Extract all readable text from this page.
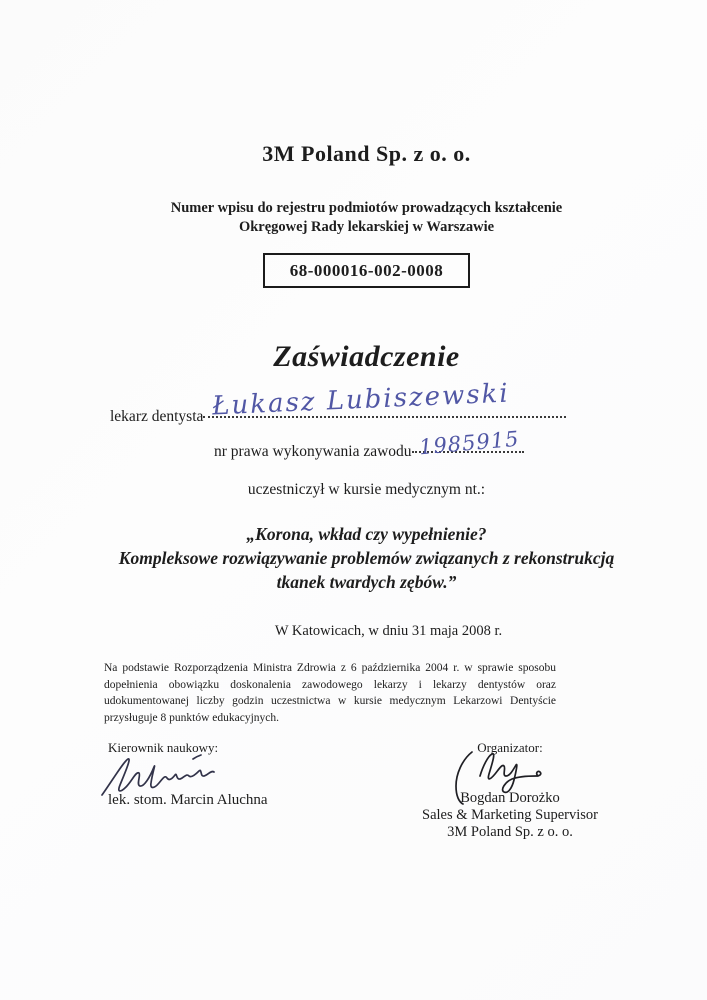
3M Poland Sp. z o. o.
Numer wpisu do rejestru podmiotów prowadzących kształcenie
Okręgowej Rady lekarskiej w Warszawie
68-000016-002-0008
Zaświadczenie
lekarz dentysta Łukasz Lubiszewski
nr prawa wykonywania zawodu 1985915
uczestniczył w kursie medycznym nt.:
„Korona, wkład czy wypełnienie?
Kompleksowe rozwiązywanie problemów związanych z rekonstrukcją
tkanek twardych zębów.”
W Katowicach, w dniu 31 maja 2008 r.
Na podstawie Rozporządzenia Ministra Zdrowia z 6 października 2004 r. w sprawie sposobu dopełnienia obowiązku doskonalenia zawodowego lekarzy i lekarzy dentystów oraz udokumentowanej liczby godzin uczestnictwa w kursie medycznym Lekarzowi Dentyście przysługuje 8 punktów edukacyjnych.
Kierownik naukowy:
lek. stom. Marcin Aluchna
Organizator:
Bogdan Dorożko
Sales & Marketing Supervisor
3M Poland Sp. z o. o.
